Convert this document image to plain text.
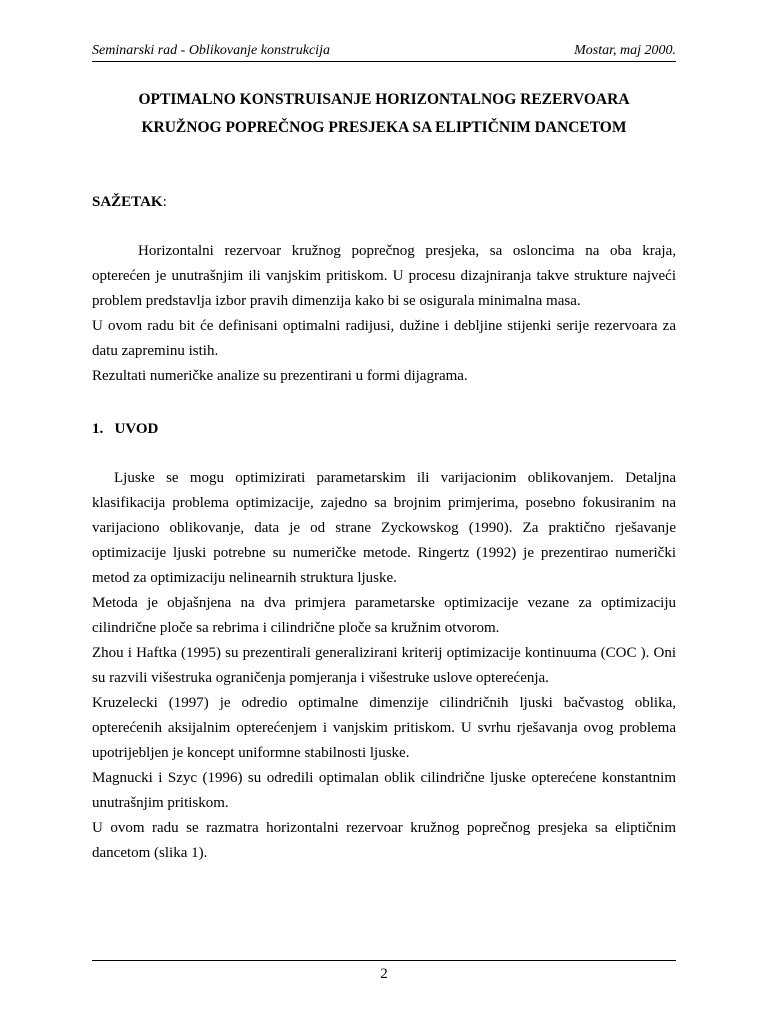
Seminarski rad - Oblikovanje konstrukcija	Mostar, maj 2000.
OPTIMALNO KONSTRUISANJE HORIZONTALNOG REZERVOARA
KRUŽNOG POPREČNOG PRESJEKA SA ELIPTIČNIM DANCETOM
SAŽETAK:

Horizontalni rezervoar kružnog poprečnog presjeka, sa osloncima na oba kraja, opterećen je unutrašnjim ili vanjskim pritiskom. U procesu dizajniranja takve strukture najveći problem predstavlja izbor pravih dimenzija kako bi se osigurala minimalna masa.

U ovom radu bit će definisani optimalni radijusi, dužine i debljine stijenki serije rezervoara za datu zapreminu istih.

Rezultati numeričke analize su prezentirani u formi dijagrama.

1.   UVOD

Ljuske se mogu optimizirati parametarskim ili varijacionim oblikovanjem. Detaljna klasifikacija problema optimizacije, zajedno sa brojnim primjerima, posebno fokusiranim na varijaciono oblikovanje, data je od strane Zyckowskog (1990). Za praktično rješavanje optimizacije ljuski potrebne su numeričke metode. Ringertz (1992) je prezentirao numerički metod za optimizaciju nelinearnih struktura ljuske.

Metoda je objašnjena na dva primjera parametarske optimizacije vezane za optimizaciju cilindrične ploče sa rebrima i cilindrične ploče sa kružnim otvorom.

Zhou i Haftka (1995) su prezentirali generalizirani kriterij optimizacije kontinuuma (COC ). Oni su razvili višestruka ograničenja pomjeranja i višestruke uslove opterećenja.

Kruzelecki (1997) je odredio optimalne dimenzije cilindričnih ljuski bačvastog oblika, opterećenih aksijalnim opterećenjem i vanjskim pritiskom. U svrhu rješavanja ovog problema upotrijebljen je koncept uniformne stabilnosti ljuske.

Magnucki i Szyc (1996) su odredili optimalan oblik cilindrične ljuske opterećene konstantnim unutrašnjim pritiskom.

U ovom radu se razmatra horizontalni rezervoar kružnog poprečnog presjeka sa eliptičnim dancetom (slika 1).

2
